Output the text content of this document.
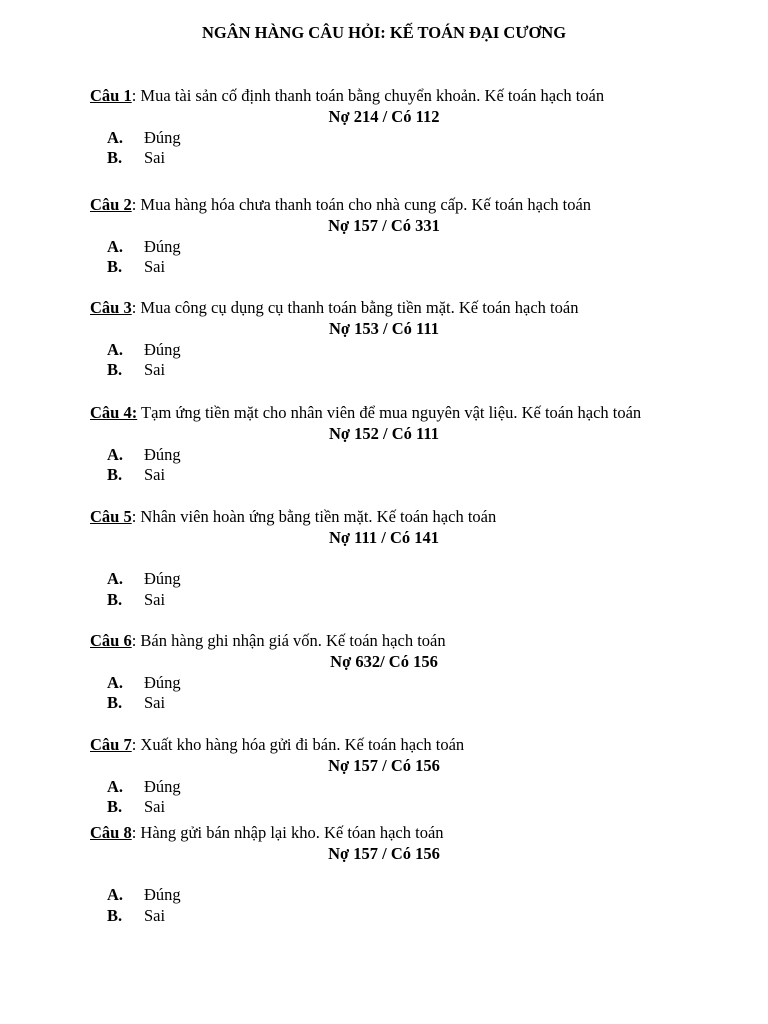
NGÂN HÀNG CÂU HỎI: KẾ TOÁN ĐẠI CƯƠNG
Câu 1: Mua tài sản cố định thanh toán bằng chuyển khoản. Kế toán hạch toán
Nợ 214 / Có 112
A. Đúng
B. Sai
Câu 2: Mua hàng hóa chưa thanh toán cho nhà cung cấp. Kế toán hạch toán
Nợ 157 / Có 331
A. Đúng
B. Sai
Câu 3: Mua công cụ dụng cụ thanh toán bằng tiền mặt. Kế toán hạch toán
Nợ 153 / Có 111
A. Đúng
B. Sai
Câu 4: Tạm ứng tiền mặt cho nhân viên để mua nguyên vật liệu. Kế toán hạch toán
Nợ 152 / Có 111
A. Đúng
B. Sai
Câu 5: Nhân viên hoàn ứng bằng tiền mặt. Kế toán hạch toán
Nợ 111 / Có 141
A. Đúng
B. Sai
Câu 6: Bán hàng ghi nhận giá vốn. Kế toán hạch toán
Nợ 632/ Có 156
A. Đúng
B. Sai
Câu 7: Xuất kho hàng hóa gửi đi bán. Kế toán hạch toán
Nợ 157 / Có 156
A. Đúng
B. Sai
Câu 8: Hàng gửi bán nhập lại kho. Kế tóan hạch toán
Nợ 157 / Có 156
A. Đúng
B. Sai
